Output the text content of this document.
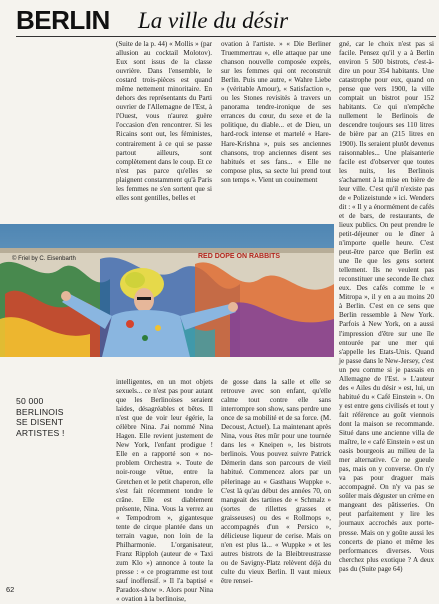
BERLIN La ville du désir

(Suite de la p. 44) « Mollis » (par allusion au cocktail Molotov). Eux sont issus de la classe ouvrière. Dans l'ensemble, le costard trois-pièces est quand même nettement minoritaire. En dehors des représentants du Parti ouvrier de l'Allemagne de l'Est, à l'Ouest, vous n'aurez guère l'occasion d'en rencontrer. Si les Ricains sont out, les féministes, contrairement à ce qui se passe partout ailleurs, sont complètement dans le coup. Et ce n'est pas parce qu'elles se plaignent constamment qu'à Paris les femmes ne s'en sortent que si elles sont gentilles, belles et

ovation à l'artiste. » « Die Berliner Truemmertrau », elle attaque par une chanson nouvelle composée exprès, sur les femmes qui ont reconstruit Berlin. Puis une autre, « Wahre Liebe » (véritable Amour), « Satisfaction », ou les Stones revisités à travers un panorama tendre-ironique de ses errances du cœur, du sexe et de la politique, du diable... et de Dieu, un hard-rock intense et martelé « Hare-Hare-Krishna », puis ses anciennes chansons, trop anciennes disent ses habitués et ses fans... « Elle ne compose plus, sa secte lui prend tout son temps ». Vient un couinement

gné, car le choix n'est pas si facile. Pensez qu'il y a à Berlin environ 5 500 bistrots, c'est-à-dire un pour 354 habitants. Une catastrophe pour eux, quand on pense que vers 1900, la ville comptait un bistrot pour 152 habitants. Ce qui n'empêche nullement le Berlinois de descendre toujours ses 110 litres de bière par an (215 litres en 1900). Ils seraient plutôt devenus raisonnables... Une plaisanterie facile est d'observer que toutes les nuits, les Berlinois s'acharnent à la mise en bière de leur ville. C'est qu'il n'existe pas de « Polizeistunde » ici. Wenders dit : « Il y a énormément de cafés et de bars, de restaurants, de lieux publics. On peut prendre le petit-déjeuner ou le dîner à n'importe quelle heure. C'est peut-être parce que Berlin est une île que les gens sortent tellement. Ils ne veulent pas reconstituer une seconde île chez eux. Des cafés comme le « Mitropa », il y en a au moins 20 à Berlin. C'est en ce sens que Berlin ressemble à New York. Parfois à New York, on a aussi l'impression d'être sur une île entourée par une mer qui s'appelle les Etats-Unis. Quand je passe dans le New-Jersey, c'est un peu comme si je passais en Allemagne de l'Est. » L'auteur des « Ailes du désir » est, lui, un habitué du « Café Einstein ». On y est entre gens civilisés et tout y fait référence au goût viennois dont la maison se recommande. Situé dans une ancienne villa de maître, le « café Einstein » est un oasis bourgeois au milieu de la mer alternative. Ce ne gueule pas, mais on y converse. On n'y va pas pour draguer mais accompagné. On n'y va pas se soûler mais déguster un crème en mangeant des pâtisseries. On peut parfaitement y lire les journaux accrochés aux porte-presse. Mais on y goûte aussi les concerts de piano et même les performances diverses. Vous cherchez plus exotique ? A deux pas du (Suite page 64)

© Friel by C. Eisenbarth	RED DOPE ON RABBITS
50 000
BERLINOIS
SE DISENT
ARTISTES !

intelligentes, en un mot objets sexuels... ce n'est pas pour autant que les Berlinoises seraient laides, désagréables et bêtes. Il n'est que de voir leur égérie, la célèbre Nina. J'ai nommé Nina Hagen. Elle revient justement de New York, l'enfant prodigue ! Elle en a rapporté son « no-problem Orchestra ». Toute de noir-rouge vêtue, entre la Gretchen et le petit chaperon, elle s'est fait récemment tondre le crâne. Elle est diablement présente, Nina. Vous la verrez au « Tempodrom », gigantesque tente de cirque plantée dans un terrain vague, non loin de la Philharmonie. L'organisateur, Franz Ripploh (auteur de « Taxi zum Klo ») annonce à toute la presse : « ce programme est tout sauf inoffensif. » Il l'a baptisé « Paradox-show ». Alors pour Nina « ovation à la berlinoise,

de gosse dans la salle et elle se retrouve avec son enfant, qu'elle calme tout contre elle sans interrompre son show, sans perdre une once de sa mobilité et de sa force. (M. Decoust, Actuel). La maintenant après Nina, vous êtes mûr pour une tournée dans les « Kneipen », les bistrots berlinois. Vous pouvez suivre Patrick Démerin dans son parcours de vieil habitué. Commencez alors par un pèlerinage au « Gasthaus Wuppke ». C'est là qu'au début des années 70, on mangeait des tartines de « Schmalz » (sortes de rillettes grasses et graisseuses) ou des « Rollmops », accompagnés d'un « Persico », délicieuse liqueur de cerise. Mais on n'en est plus là... « Wuppke » et les autres bistrots de la Bleibtreustrasse ou de Savigny-Platz relèvent déjà du culte du vieux Berlin. Il vaut mieux être rensei-

62
